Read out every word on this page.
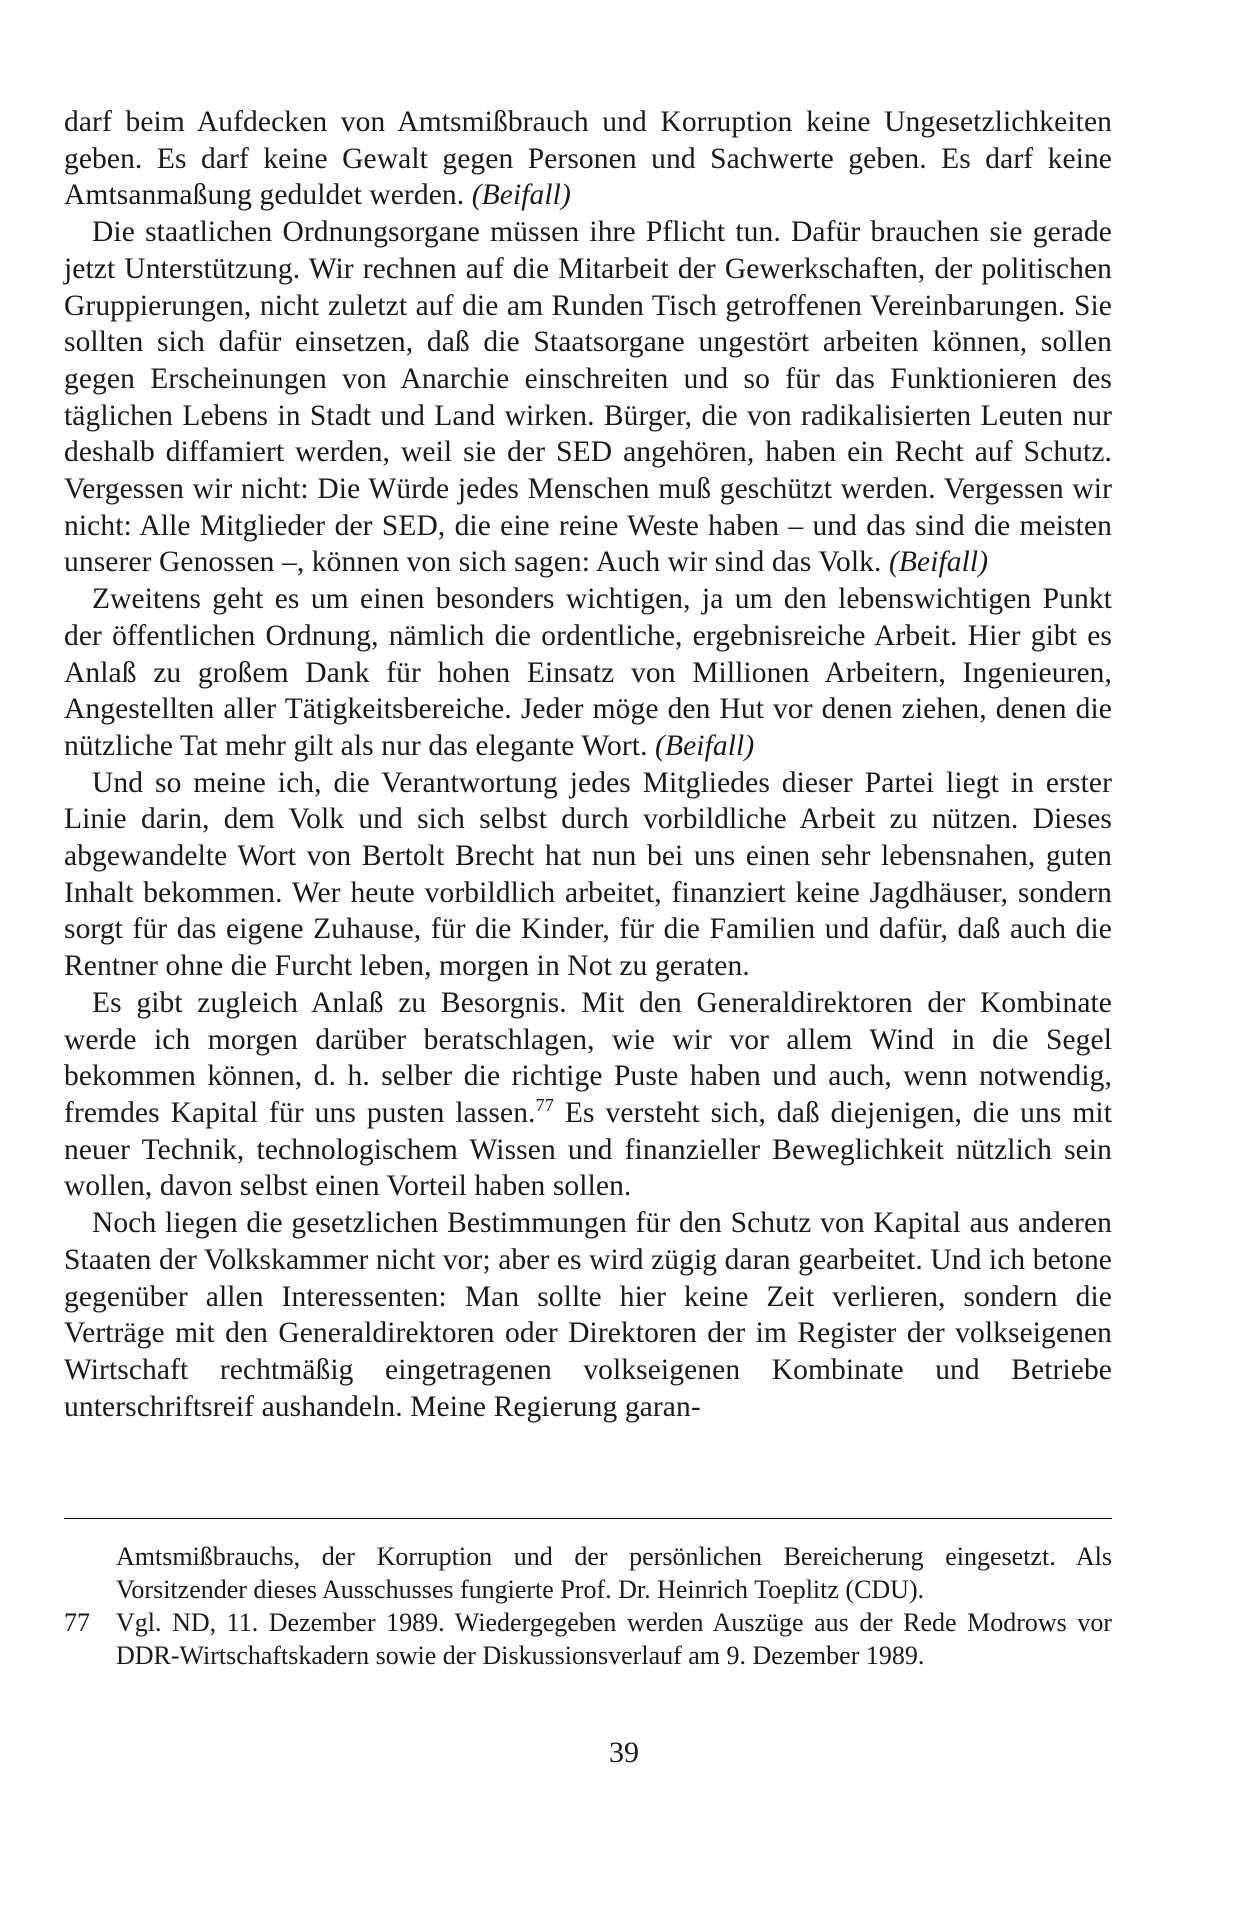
darf beim Aufdecken von Amtsmißbrauch und Korruption keine Ungesetzlichkeiten geben. Es darf keine Gewalt gegen Personen und Sachwerte geben. Es darf keine Amtsanmaßung geduldet werden. (Beifall)

Die staatlichen Ordnungsorgane müssen ihre Pflicht tun. Dafür brauchen sie gerade jetzt Unterstützung. Wir rechnen auf die Mitarbeit der Gewerkschaften, der politischen Gruppierungen, nicht zuletzt auf die am Runden Tisch getroffenen Vereinbarungen. Sie sollten sich dafür einsetzen, daß die Staatsorgane ungestört arbeiten können, sollen gegen Erscheinungen von Anarchie einschreiten und so für das Funktionieren des täglichen Lebens in Stadt und Land wirken. Bürger, die von radikalisierten Leuten nur deshalb diffamiert werden, weil sie der SED angehören, haben ein Recht auf Schutz. Vergessen wir nicht: Die Würde jedes Menschen muß geschützt werden. Vergessen wir nicht: Alle Mitglieder der SED, die eine reine Weste haben – und das sind die meisten unserer Genossen –, können von sich sagen: Auch wir sind das Volk. (Beifall)

Zweitens geht es um einen besonders wichtigen, ja um den lebenswichtigen Punkt der öffentlichen Ordnung, nämlich die ordentliche, ergebnisreiche Arbeit. Hier gibt es Anlaß zu großem Dank für hohen Einsatz von Millionen Arbeitern, Ingenieuren, Angestellten aller Tätigkeitsbereiche. Jeder möge den Hut vor denen ziehen, denen die nützliche Tat mehr gilt als nur das elegante Wort. (Beifall)

Und so meine ich, die Verantwortung jedes Mitgliedes dieser Partei liegt in erster Linie darin, dem Volk und sich selbst durch vorbildliche Arbeit zu nützen. Dieses abgewandelte Wort von Bertolt Brecht hat nun bei uns einen sehr lebensnahen, guten Inhalt bekommen. Wer heute vorbildlich arbeitet, finanziert keine Jagdhäuser, sondern sorgt für das eigene Zuhause, für die Kinder, für die Familien und dafür, daß auch die Rentner ohne die Furcht leben, morgen in Not zu geraten.

Es gibt zugleich Anlaß zu Besorgnis. Mit den Generaldirektoren der Kombinate werde ich morgen darüber beratschlagen, wie wir vor allem Wind in die Segel bekommen können, d. h. selber die richtige Puste haben und auch, wenn notwendig, fremdes Kapital für uns pusten lassen.$^{77}$ Es versteht sich, daß diejenigen, die uns mit neuer Technik, technologischem Wissen und finanzieller Beweglichkeit nützlich sein wollen, davon selbst einen Vorteil haben sollen.

Noch liegen die gesetzlichen Bestimmungen für den Schutz von Kapital aus anderen Staaten der Volkskammer nicht vor; aber es wird zügig daran gearbeitet. Und ich betone gegenüber allen Interessenten: Man sollte hier keine Zeit verlieren, sondern die Verträge mit den Generaldirektoren oder Direktoren der im Register der volkseigenen Wirtschaft rechtmäßig eingetragenen volkseigenen Kombinate und Betriebe unterschriftsreif aushandeln. Meine Regierung garan-

Amtsmißbrauchs, der Korruption und der persönlichen Bereicherung eingesetzt. Als Vorsitzender dieses Ausschusses fungierte Prof. Dr. Heinrich Toeplitz (CDU).
77	Vgl. ND, 11. Dezember 1989. Wiedergegeben werden Auszüge aus der Rede Modrows vor DDR-Wirtschaftskadern sowie der Diskussionsverlauf am 9. Dezember 1989.
39
